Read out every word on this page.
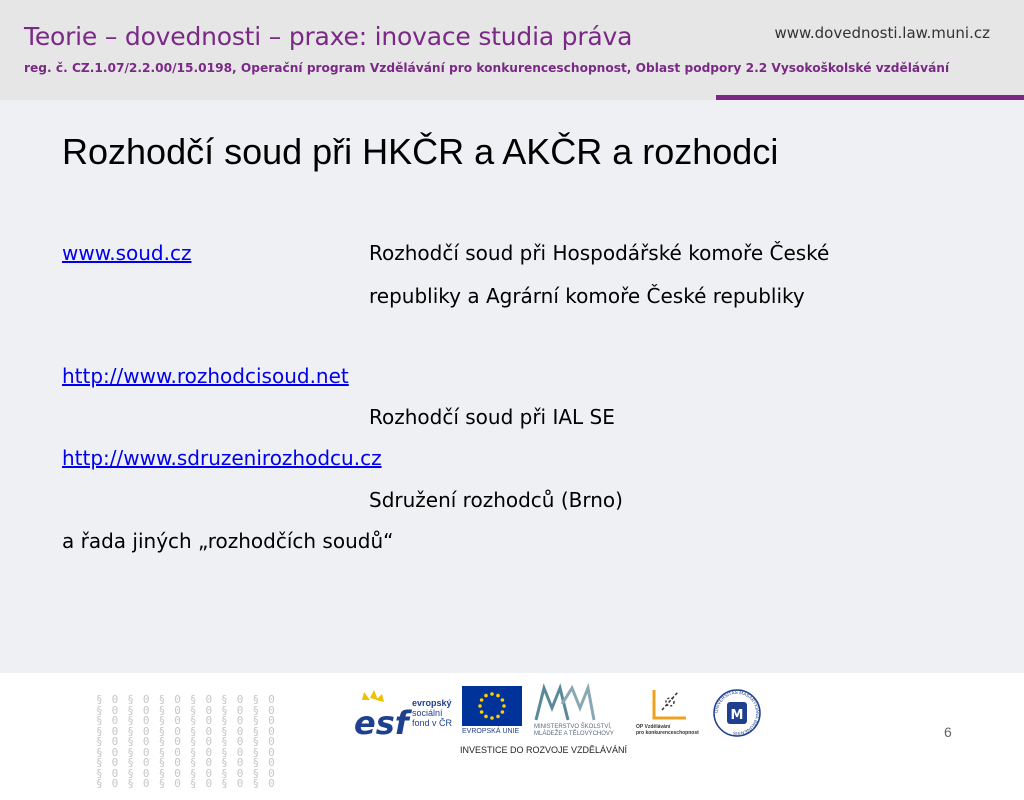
Teorie – dovednosti – praxe: inovace studia práva	www.dovednosti.law.muni.cz
reg. č. CZ.1.07/2.2.00/15.0198, Operační program Vzdělávání pro konkurenceschopnost, Oblast podpory 2.2 Vysokoškolské vzdělávání
Rozhodčí soud při HKČR a AKČR a rozhodci
www.soud.cz	Rozhodčí soud při Hospodářské komoře České
republiky a Agrární komoře České republiky
http://www.rozhodcisoud.net
Rozhodčí soud při IAL SE
http://www.sdruzenirozhodcu.cz
Sdružení rozhodců (Brno)
a řada jiných „rozhodčích soudů“

§ 0 § 0 § 0 § 0 § 0 § 0
§ 0 § 0 § 0 § 0 § 0 § 0
§ 0 § 0 § 0 § 0 § 0 § 0
§ 0 § 0 § 0 § 0 § 0 § 0
§ 0 § 0 § 0 § 0 § 0 § 0
§ 0 § 0 § 0 § 0 § 0 § 0
§ 0 § 0 § 0 § 0 § 0 § 0
§ 0 § 0 § 0 § 0 § 0 § 0
§ 0 § 0 § 0 § 0 § 0 § 0

esf
evropský
sociální
fond v ČR
EVROPSKÁ UNIE
MINISTERSTVO ŠKOLSTVÍ,
MLÁDEŽE A TĚLOVÝCHOVY
OP Vzdělávání
pro konkurenceschopnost
UNIVERSITAS MASARYKIANA BRUNENSIS
M
INVESTICE DO ROZVOJE VZDĚLÁVÁNÍ
6
